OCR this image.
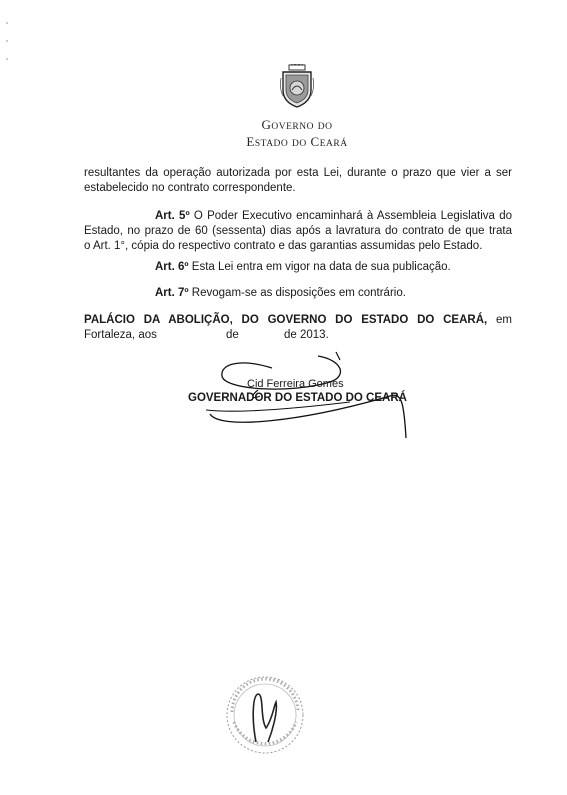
GOVERNO DO
ESTADO DO CEARÁ
resultantes da operação autorizada por esta Lei, durante o prazo que vier a ser
estabelecido no contrato correspondente.
Art. 5º O Poder Executivo encaminhará à Assembleia Legislativa do
Estado, no prazo de 60 (sessenta) dias após a lavratura do contrato de que trata
o Art. 1°, cópia do respectivo contrato e das garantias assumidas pelo Estado.
Art. 6º Esta Lei entra em vigor na data de sua publicação.
Art. 7º Revogam-se as disposições em contrário.
PALÁCIO DA ABOLIÇÃO, DO GOVERNO DO ESTADO DO CEARÁ, em
Fortaleza, aos	de	de 2013.
Cid Ferreira Gomes
GOVERNADOR DO ESTADO DO CEARÁ
